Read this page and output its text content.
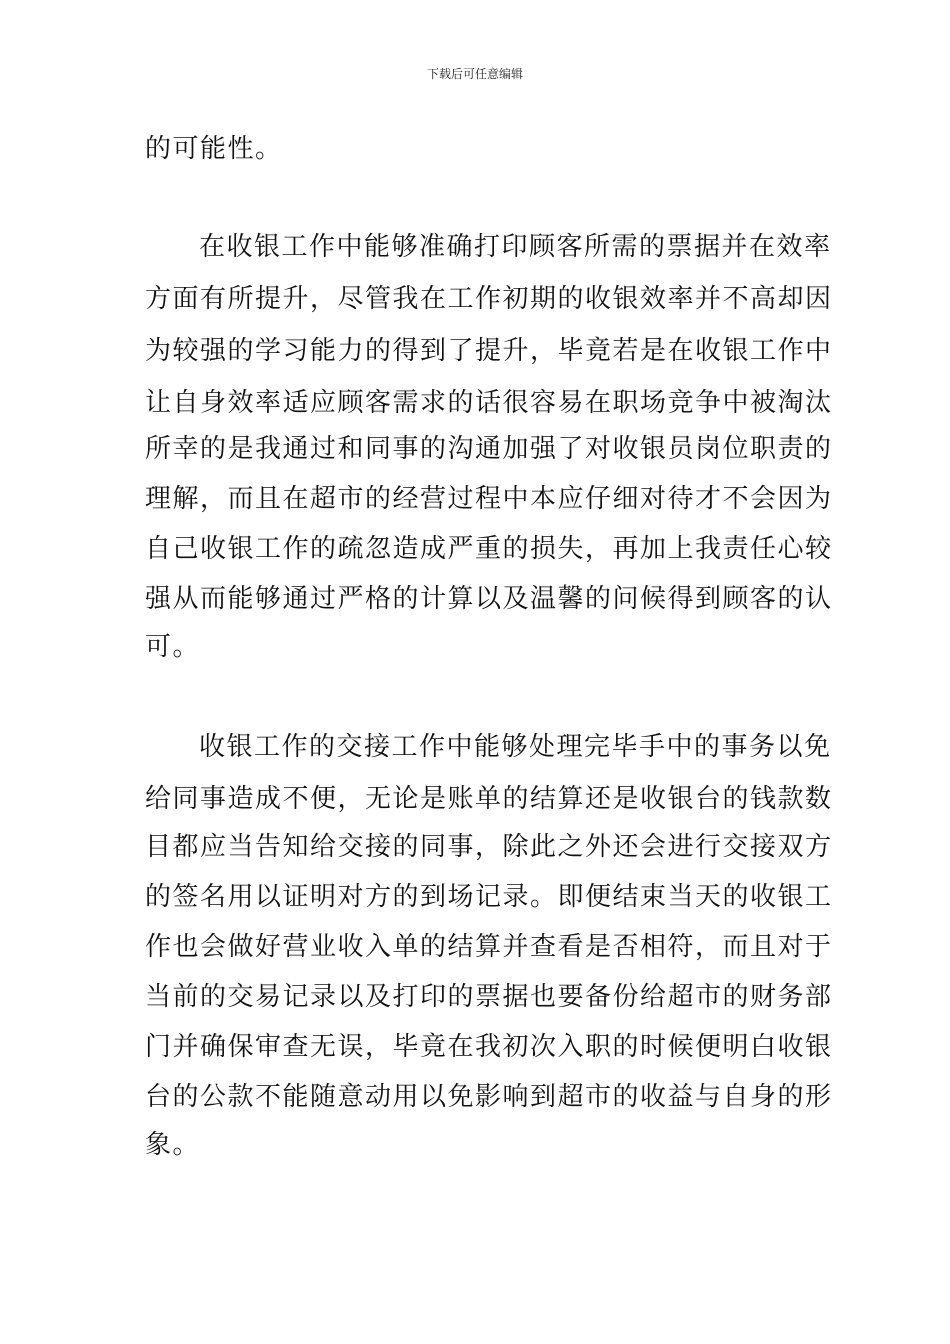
下载后可任意编辑
的可能性。
在收银工作中能够准确打印顾客所需的票据并在效率
方面有所提升，尽管我在工作初期的收银效率并不高却因
为较强的学习能力的得到了提升，毕竟若是在收银工作中
让自身效率适应顾客需求的话很容易在职场竞争中被淘汰
所幸的是我通过和同事的沟通加强了对收银员岗位职责的
理解，而且在超市的经营过程中本应仔细对待才不会因为
自己收银工作的疏忽造成严重的损失，再加上我责任心较
强从而能够通过严格的计算以及温馨的问候得到顾客的认
可。
收银工作的交接工作中能够处理完毕手中的事务以免
给同事造成不便，无论是账单的结算还是收银台的钱款数
目都应当告知给交接的同事，除此之外还会进行交接双方
的签名用以证明对方的到场记录。即便结束当天的收银工
作也会做好营业收入单的结算并查看是否相符，而且对于
当前的交易记录以及打印的票据也要备份给超市的财务部
门并确保审查无误，毕竟在我初次入职的时候便明白收银
台的公款不能随意动用以免影响到超市的收益与自身的形
象。
